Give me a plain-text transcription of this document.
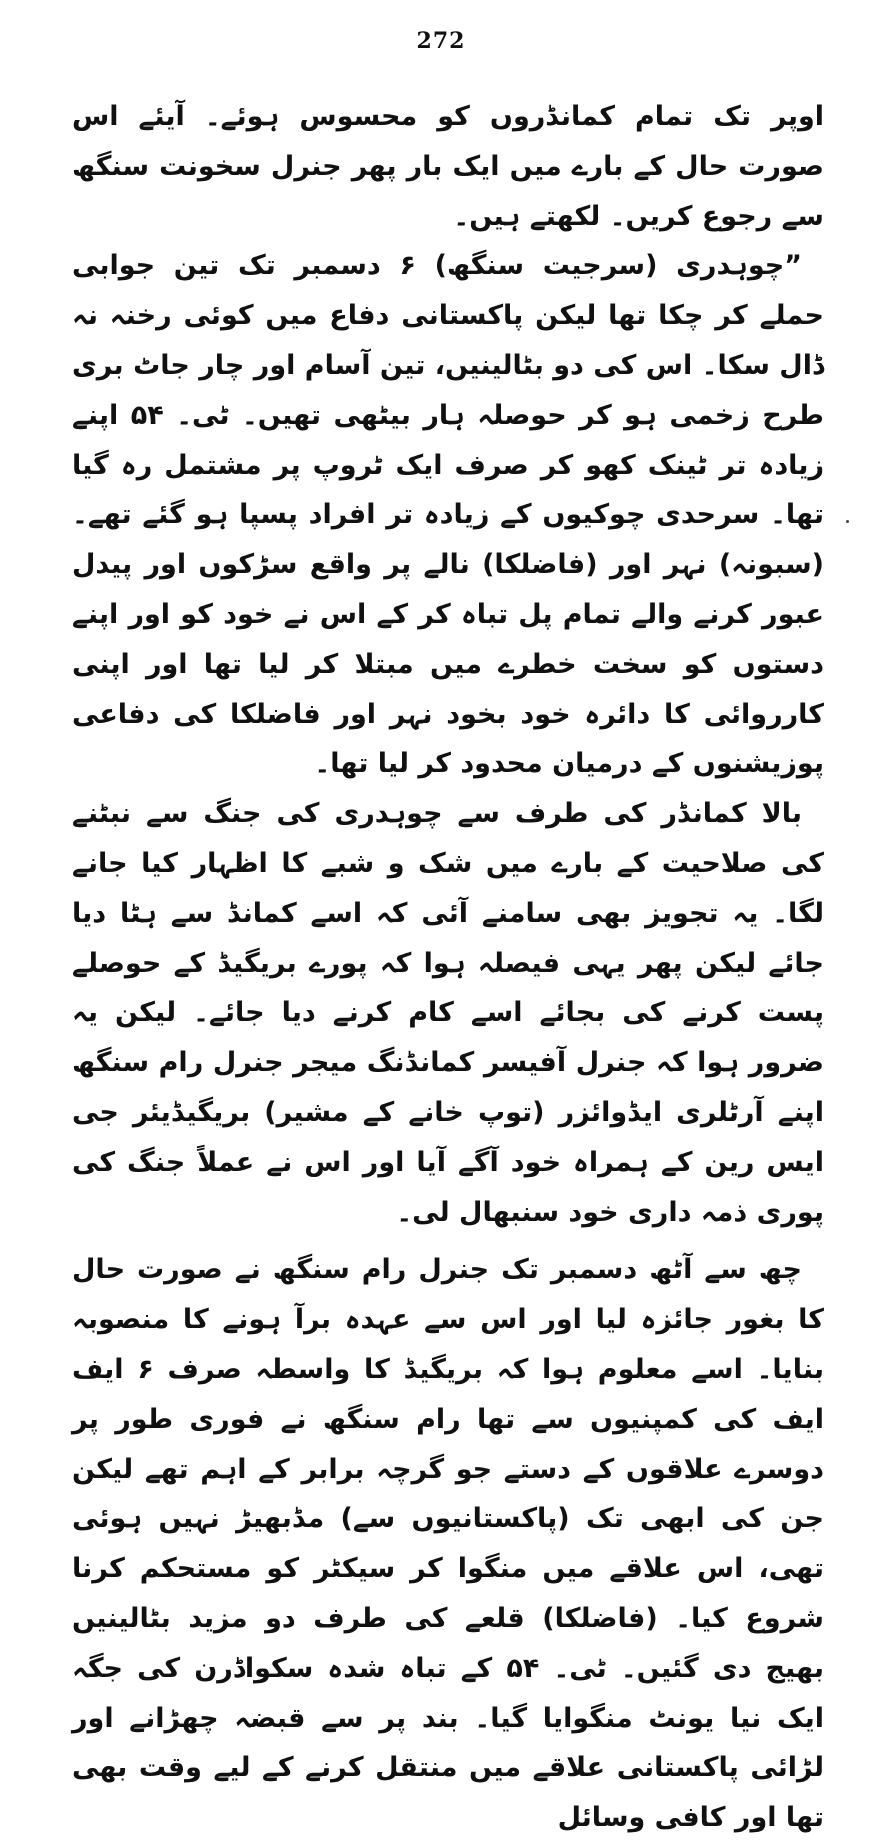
272

اوپر تک تمام کمانڈروں کو محسوس ہوئے۔ آیئے اس صورت حال کے بارے میں ایک بار پھر جنرل سخونت سنگھ سے رجوع کریں۔ لکھتے ہیں۔

”چوہدری (سرجیت سنگھ) ۶ دسمبر تک تین جوابی حملے کر چکا تھا لیکن پاکستانی دفاع میں کوئی رخنہ نہ ڈال سکا۔ اس کی دو بٹالینیں، تین آسام اور چار جاٹ بری طرح زخمی ہو کر حوصلہ ہار بیٹھی تھیں۔ ٹی۔ ۵۴ اپنے زیادہ تر ٹینک کھو کر صرف ایک ٹروپ پر مشتمل رہ گیا تھا۔ سرحدی چوکیوں کے زیادہ تر افراد پسپا ہو گئے تھے۔ (سبونہ) نہر اور (فاضلکا) نالے پر واقع سڑکوں اور پیدل عبور کرنے والے تمام پل تباہ کر کے اس نے خود کو اور اپنے دستوں کو سخت خطرے میں مبتلا کر لیا تھا اور اپنی کارروائی کا دائرہ خود بخود نہر اور فاضلکا کی دفاعی پوزیشنوں کے درمیان محدود کر لیا تھا۔

بالا کمانڈر کی طرف سے چوہدری کی جنگ سے نبٹنے کی صلاحیت کے بارے میں شک و شبے کا اظہار کیا جانے لگا۔ یہ تجویز بھی سامنے آئی کہ اسے کمانڈ سے ہٹا دیا جائے لیکن پھر یہی فیصلہ ہوا کہ پورے بریگیڈ کے حوصلے پست کرنے کی بجائے اسے کام کرنے دیا جائے۔ لیکن یہ ضرور ہوا کہ جنرل آفیسر کمانڈنگ میجر جنرل رام سنگھ اپنے آرٹلری ایڈوائزر (توپ خانے کے مشیر) بریگیڈیئر جی ایس رین کے ہمراہ خود آگے آیا اور اس نے عملاً جنگ کی پوری ذمہ داری خود سنبھال لی۔

چھ سے آٹھ دسمبر تک جنرل رام سنگھ نے صورت حال کا بغور جائزہ لیا اور اس سے عہدہ برآ ہونے کا منصوبہ بنایا۔ اسے معلوم ہوا کہ بریگیڈ کا واسطہ صرف ۶ ایف ایف کی کمپنیوں سے تھا رام سنگھ نے فوری طور پر دوسرے علاقوں کے دستے جو گرچہ برابر کے اہم تھے لیکن جن کی ابھی تک (پاکستانیوں سے) مڈبھیڑ نہیں ہوئی تھی، اس علاقے میں منگوا کر سیکٹر کو مستحکم کرنا شروع کیا۔ (فاضلکا) قلعے کی طرف دو مزید بٹالینیں بھیج دی گئیں۔ ٹی۔ ۵۴ کے تباہ شدہ سکواڈرن کی جگہ ایک نیا یونٹ منگوایا گیا۔ بند پر سے قبضہ چھڑانے اور لڑائی پاکستانی علاقے میں منتقل کرنے کے لیے وقت بھی تھا اور کافی وسائل
